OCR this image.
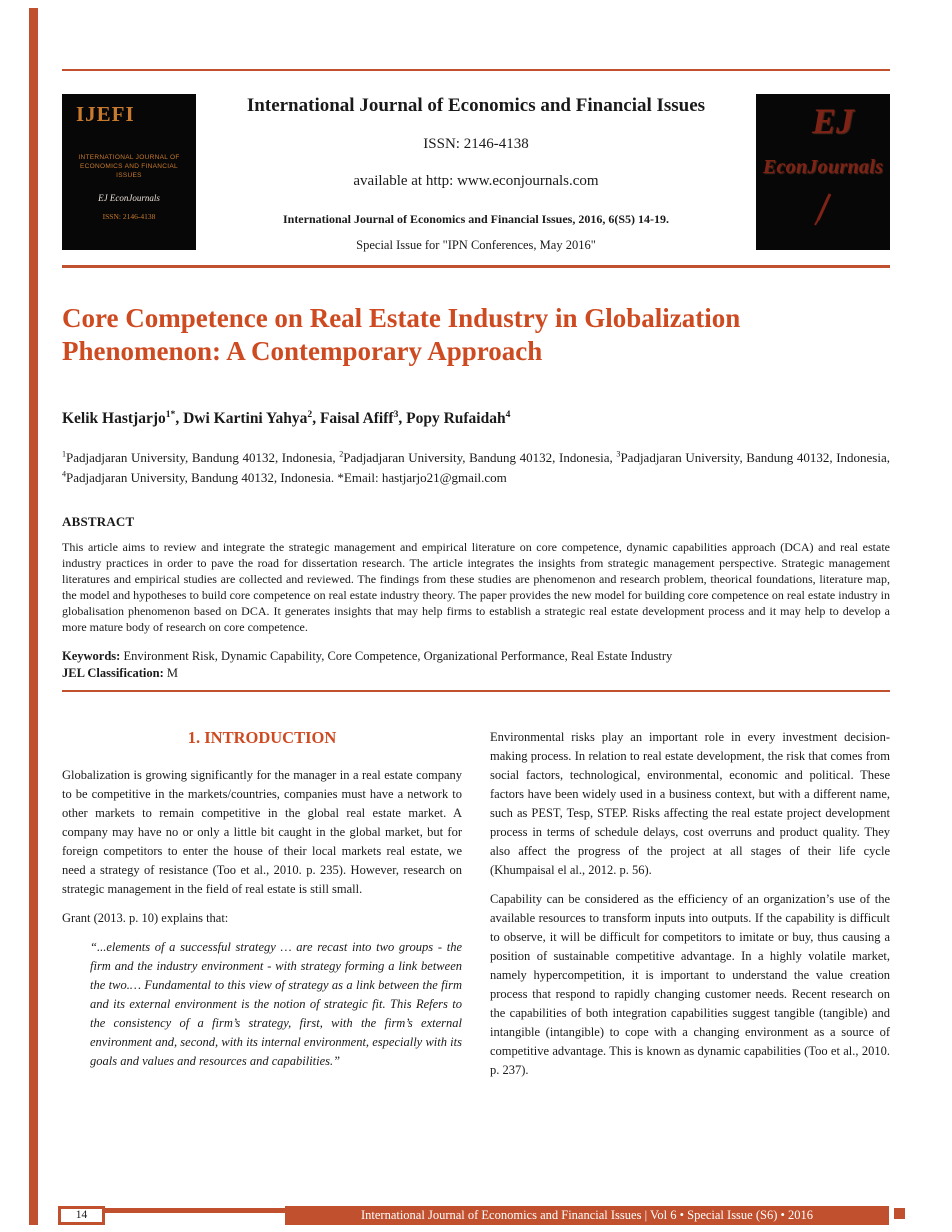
IJEFI
INTERNATIONAL JOURNAL OF
ECONOMICS AND FINANCIAL ISSUES
EJ EconJournals
ISSN: 2146-4138
International Journal of Economics and Financial Issues
ISSN: 2146-4138
available at http: www.econjournals.com
International Journal of Economics and Financial Issues, 2016, 6(S5) 14-19.
Special Issue for "IPN Conferences, May 2016"
EJ
EconJournals
Core Competence on Real Estate Industry in Globalization Phenomenon: A Contemporary Approach
Kelik Hastjarjo$^{1*}$, Dwi Kartini Yahya$^2$, Faisal Afiff$^3$, Popy Rufaidah$^4$

$^1$Padjadjaran University, Bandung 40132, Indonesia, $^2$Padjadjaran University, Bandung 40132, Indonesia, $^3$Padjadjaran University, Bandung 40132, Indonesia, $^4$Padjadjaran University, Bandung 40132, Indonesia. *Email: hastjarjo21@gmail.com

ABSTRACT

This article aims to review and integrate the strategic management and empirical literature on core competence, dynamic capabilities approach (DCA) and real estate industry practices in order to pave the road for dissertation research. The article integrates the insights from strategic management perspective. Strategic management literatures and empirical studies are collected and reviewed. The findings from these studies are phenomenon and research problem, theorical foundations, literature map, the model and hypotheses to build core competence on real estate industry theory. The paper provides the new model for building core competence on real estate industry in globalisation phenomenon based on DCA. It generates insights that may help firms to establish a strategic real estate development process and it may help to develop a more mature body of research on core competence.

Keywords: Environment Risk, Dynamic Capability, Core Competence, Organizational Performance, Real Estate Industry

JEL Classification: M

1. INTRODUCTION

Globalization is growing significantly for the manager in a real estate company to be competitive in the markets/countries, companies must have a network to other markets to remain competitive in the global real estate market. A company may have no or only a little bit caught in the global market, but for foreign competitors to enter the house of their local markets real estate, we need a strategy of resistance (Too et al., 2010. p. 235). However, research on strategic management in the field of real estate is still small.

Grant (2013. p. 10) explains that:

“...elements of a successful strategy … are recast into two groups - the firm and the industry environment - with strategy forming a link between the two.… Fundamental to this view of strategy as a link between the firm and its external environment is the notion of strategic fit. This Refers to the consistency of a firm’s strategy, first, with the firm’s external environment and, second, with its internal environment, especially with its goals and values and resources and capabilities.”

Environmental risks play an important role in every investment decision-making process. In relation to real estate development, the risk that comes from social factors, technological, environmental, economic and political. These factors have been widely used in a business context, but with a different name, such as PEST, Tesp, STEP. Risks affecting the real estate project development process in terms of schedule delays, cost overruns and product quality. They also affect the progress of the project at all stages of their life cycle (Khumpaisal el al., 2012. p. 56).

Capability can be considered as the efficiency of an organization’s use of the available resources to transform inputs into outputs. If the capability is difficult to observe, it will be difficult for competitors to imitate or buy, thus causing a position of sustainable competitive advantage. In a highly volatile market, namely hypercompetition, it is important to understand the value creation process that respond to rapidly changing customer needs. Recent research on the capabilities of both integration capabilities suggest tangible (tangible) and intangible (intangible) to cope with a changing environment as a source of competitive advantage. This is known as dynamic capabilities (Too et al., 2010. p. 237).

14	International Journal of Economics and Financial Issues | Vol 6 • Special Issue (S6) • 2016
